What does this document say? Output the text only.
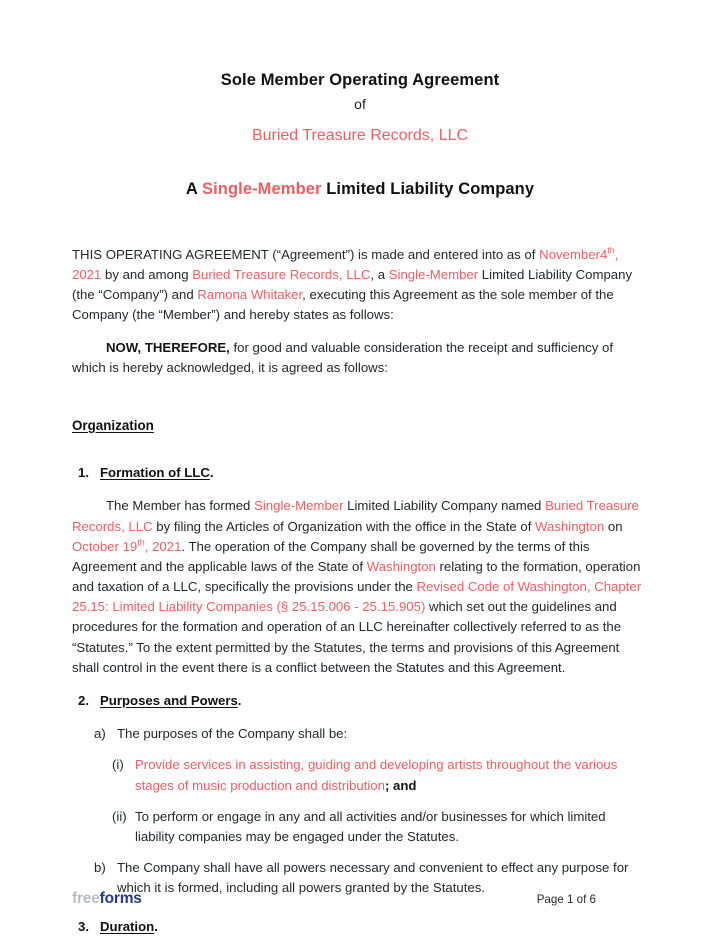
Sole Member Operating Agreement
of
Buried Treasure Records, LLC
A Single-Member Limited Liability Company

THIS OPERATING AGREEMENT (“Agreement”) is made and entered into as of November4th, 2021 by and among Buried Treasure Records, LLC, a Single-Member Limited Liability Company (the “Company”) and Ramona Whitaker, executing this Agreement as the sole member of the Company (the “Member”) and hereby states as follows:

NOW, THEREFORE, for good and valuable consideration the receipt and sufficiency of which is hereby acknowledged, it is agreed as follows:

Organization
1. Formation of LLC.

The Member has formed Single-Member Limited Liability Company named Buried Treasure Records, LLC by filing the Articles of Organization with the office in the State of Washington on October 19th, 2021. The operation of the Company shall be governed by the terms of this Agreement and the applicable laws of the State of Washington relating to the formation, operation and taxation of a LLC, specifically the provisions under the Revised Code of Washington, Chapter 25.15: Limited Liability Companies (§ 25.15.006 - 25.15.905) which set out the guidelines and procedures for the formation and operation of an LLC hereinafter collectively referred to as the “Statutes.” To the extent permitted by the Statutes, the terms and provisions of this Agreement shall control in the event there is a conflict between the Statutes and this Agreement.

2. Purposes and Powers.
a) The purposes of the Company shall be:
(i) Provide services in assisting, guiding and developing artists throughout the various stages of music production and distribution; and
(ii) To perform or engage in any and all activities and/or businesses for which limited liability companies may be engaged under the Statutes.
b) The Company shall have all powers necessary and convenient to effect any purpose for which it is formed, including all powers granted by the Statutes.
3. Duration.
freeforms	Page 1 of 6
